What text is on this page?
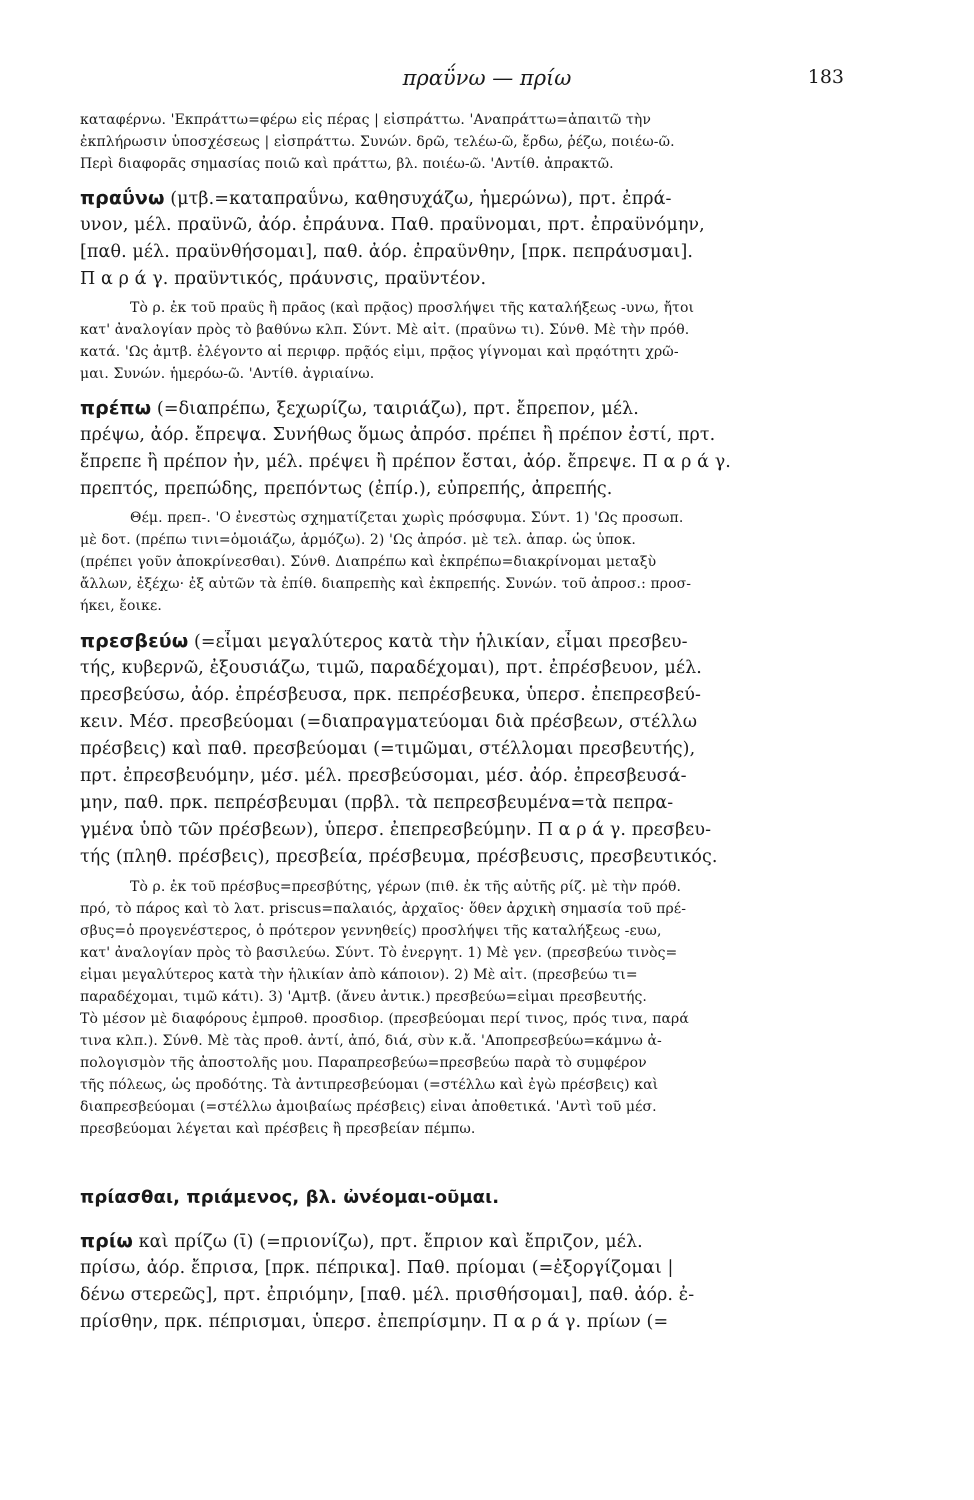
πραΰνω — πρίω	183
καταφέρνω. 'Εκπράττω=φέρω εἰς πέρας | εἰσπράττω. 'Αναπράττω=ἀπαιτῶ τὴν
ἐκπλήρωσιν ὑποσχέσεως | εἰσπράττω. Συνών. δρῶ, τελέω-ῶ, ἔρδω, ῥέζω, ποιέω-ῶ.
Περὶ διαφορᾶς σημασίας ποιῶ καὶ πράττω, βλ. ποιέω-ῶ. 'Αντίθ. ἀπρακτῶ.
πραΰνω (μτβ.=καταπραΰνω, καθησυχάζω, ἡμερώνω), πρτ. ἐπρά-
υνον, μέλ. πραϋνῶ, ἀόρ. ἐπράυνα. Παθ. πραΰνομαι, πρτ. ἐπραϋνόμην,
[παθ. μέλ. πραϋνθήσομαι], παθ. ἀόρ. ἐπραΰνθην, [πρκ. πεπράυσμαι].
Π α ρ ά γ. πραϋντικός, πράυνσις, πραϋντέον.
Τὸ ρ. ἐκ τοῦ πραΰς ἢ πρᾶος (καὶ πρᾷος) προσλήψει τῆς καταλήξεως -υνω, ἤτοι
κατ' ἀναλογίαν πρὸς τὸ βαθύνω κλπ. Σύντ. Μὲ αἰτ. (πραΰνω τι). Σύνθ. Μὲ τὴν πρόθ.
κατά. 'Ως ἀμτβ. ἐλέγοντο αἱ περιφρ. πρᾷός εἰμι, πρᾷος γίγνομαι καὶ πρᾳότητι χρῶ-
μαι. Συνών. ἡμερόω-ῶ. 'Αντίθ. ἀγριαίνω.
πρέπω (=διαπρέπω, ξεχωρίζω, ταιριάζω), πρτ. ἔπρεπον, μέλ.
πρέψω, ἀόρ. ἔπρεψα. Συνήθως ὅμως ἀπρόσ. πρέπει ἢ πρέπον ἐστί, πρτ.
ἔπρεπε ἢ πρέπον ἦν, μέλ. πρέψει ἢ πρέπον ἔσται, ἀόρ. ἔπρεψε. Π α ρ ά γ.
πρεπτός, πρεπώδης, πρεπόντως (ἐπίρ.), εὐπρεπής, ἀπρεπής.
Θέμ. πρεπ-. 'Ο ἐνεστὼς σχηματίζεται χωρὶς πρόσφυμα. Σύντ. 1) 'Ως προσωπ.
μὲ δοτ. (πρέπω τινι=ὁμοιάζω, ἁρμόζω). 2) 'Ως ἀπρόσ. μὲ τελ. ἀπαρ. ὡς ὑποκ.
(πρέπει γοῦν ἀποκρίνεσθαι). Σύνθ. Διαπρέπω καὶ ἐκπρέπω=διακρίνομαι μεταξὺ
ἄλλων, ἐξέχω· ἐξ αὐτῶν τὰ ἐπίθ. διαπρεπὴς καὶ ἐκπρεπής. Συνών. τοῦ ἀπροσ.: προσ-
ήκει, ἔοικε.
πρεσβεύω (=εἶμαι μεγαλύτερος κατὰ τὴν ἡλικίαν, εἶμαι πρεσβευ-
τής, κυβερνῶ, ἐξουσιάζω, τιμῶ, παραδέχομαι), πρτ. ἐπρέσβευον, μέλ.
πρεσβεύσω, ἀόρ. ἐπρέσβευσα, πρκ. πεπρέσβευκα, ὑπερσ. ἐπεπρεσβεύ-
κειν. Μέσ. πρεσβεύομαι (=διαπραγματεύομαι διὰ πρέσβεων, στέλλω
πρέσβεις) καὶ παθ. πρεσβεύομαι (=τιμῶμαι, στέλλομαι πρεσβευτής),
πρτ. ἐπρεσβευόμην, μέσ. μέλ. πρεσβεύσομαι, μέσ. ἀόρ. ἐπρεσβευσά-
μην, παθ. πρκ. πεπρέσβευμαι (πρβλ. τὰ πεπρεσβευμένα=τὰ πεπρα-
γμένα ὑπὸ τῶν πρέσβεων), ὑπερσ. ἐπεπρεσβεύμην. Π α ρ ά γ. πρεσβευ-
τής (πληθ. πρέσβεις), πρεσβεία, πρέσβευμα, πρέσβευσις, πρεσβευτικός.
Τὸ ρ. ἐκ τοῦ πρέσβυς=πρεσβύτης, γέρων (πιθ. ἐκ τῆς αὐτῆς ρίζ. μὲ τὴν πρόθ.
πρό, τὸ πάρος καὶ τὸ λατ. priscus=παλαιός, ἀρχαῖος· ὅθεν ἀρχικὴ σημασία τοῦ πρέ-
σβυς=ὁ προγενέστερος, ὁ πρότερον γεννηθείς) προσλήψει τῆς καταλήξεως -ευω,
κατ' ἀναλογίαν πρὸς τὸ βασιλεύω. Σύντ. Τὸ ἐνεργητ. 1) Μὲ γεν. (πρεσβεύω τινὸς=
εἶμαι μεγαλύτερος κατὰ τὴν ἡλικίαν ἀπὸ κάποιον). 2) Μὲ αἰτ. (πρεσβεύω τι=
παραδέχομαι, τιμῶ κάτι). 3) 'Αμτβ. (ἄνευ ἀντικ.) πρεσβεύω=εἶμαι πρεσβευτής.
Τὸ μέσον μὲ διαφόρους ἐμπροθ. προσδιορ. (πρεσβεύομαι περί τινος, πρός τινα, παρά
τινα κλπ.). Σύνθ. Μὲ τὰς προθ. ἀντί, ἀπό, διά, σὺν κ.ἄ. 'Αποπρεσβεύω=κάμνω ἀ-
πολογισμὸν τῆς ἀποστολῆς μου. Παραπρεσβεύω=πρεσβεύω παρὰ τὸ συμφέρον
τῆς πόλεως, ὡς προδότης. Τὰ ἀντιπρεσβεύομαι (=στέλλω καὶ ἐγὼ πρέσβεις) καὶ
διαπρεσβεύομαι (=στέλλω ἀμοιβαίως πρέσβεις) εἶναι ἀποθετικά. 'Αντὶ τοῦ μέσ.
πρεσβεύομαι λέγεται καὶ πρέσβεις ἢ πρεσβείαν πέμπω.
πρίασθαι, πριάμενος, βλ. ὠνέομαι-οῦμαι.
πρίω καὶ πρίζω (ῑ) (=πριονίζω), πρτ. ἔπριον καὶ ἔπριζον, μέλ.
πρίσω, ἀόρ. ἔπρισα, [πρκ. πέπρικα]. Παθ. πρίομαι (=ἐξοργίζομαι |
δένω στερεῶς], πρτ. ἐπριόμην, [παθ. μέλ. πρισθήσομαι], παθ. ἀόρ. ἐ-
πρίσθην, πρκ. πέπρισμαι, ὑπερσ. ἐπεπρίσμην. Π α ρ ά γ. πρίων (=
